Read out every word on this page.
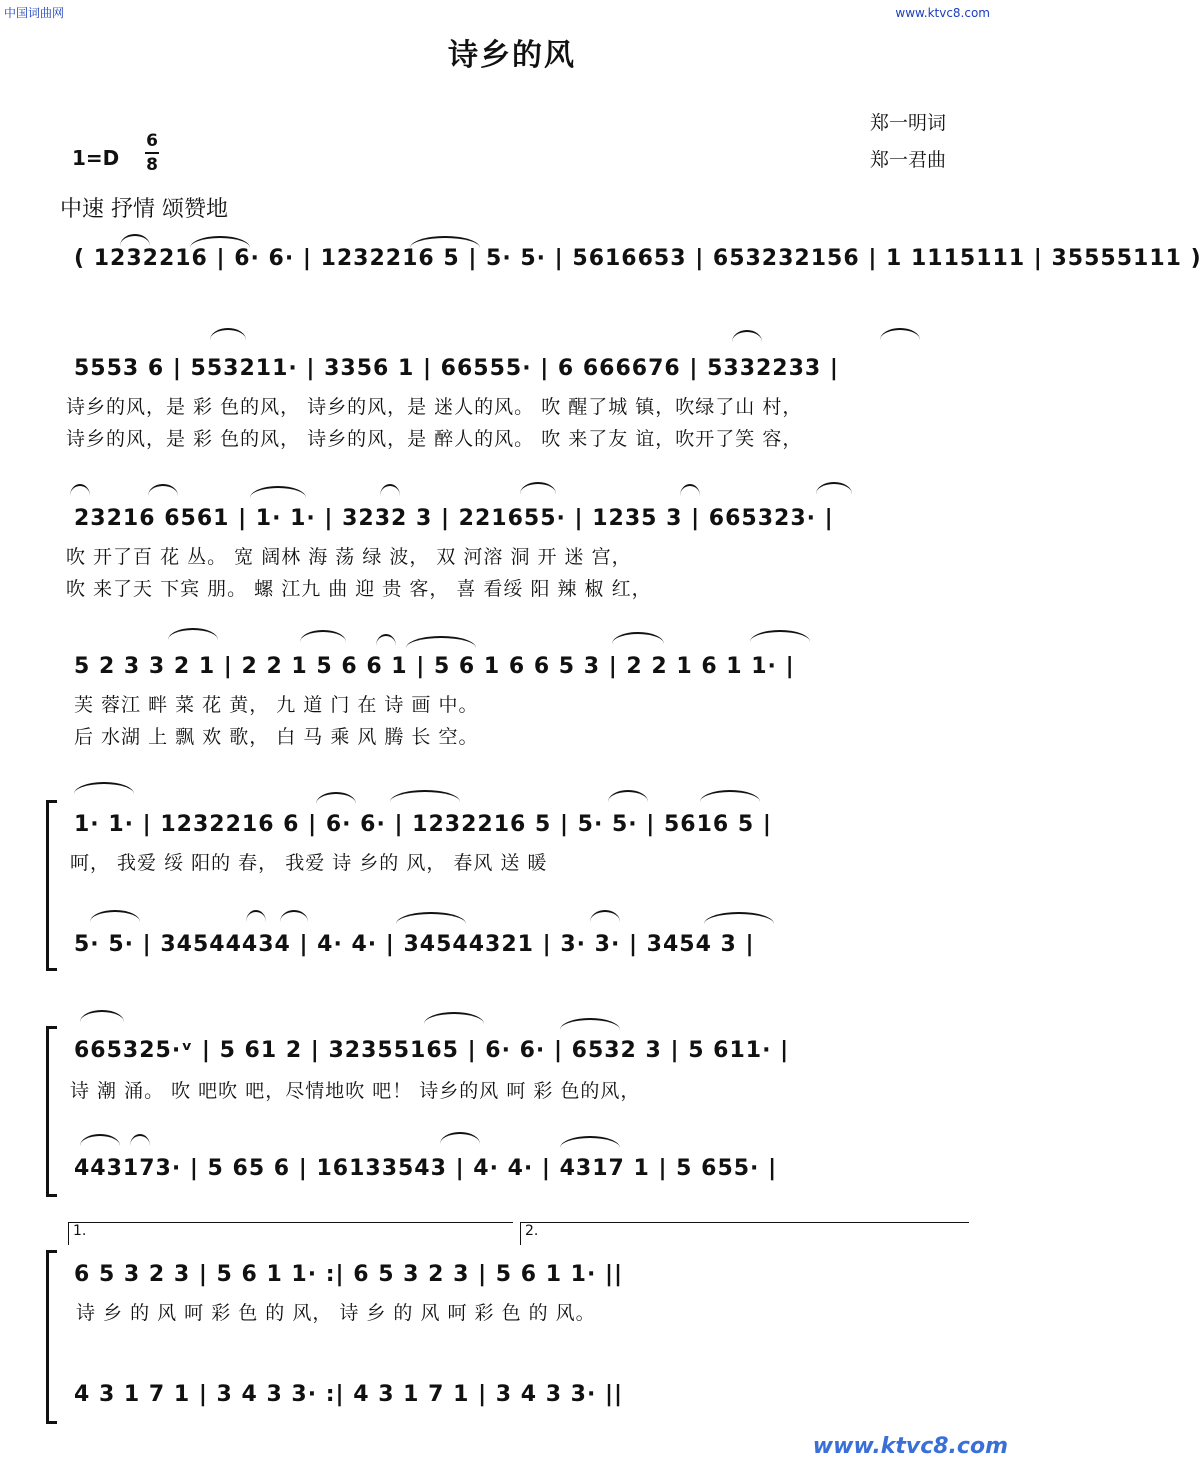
中国词曲网	www.ktvc8.com
诗乡的风
郑一明词
郑一君曲
1=D
6
8
中速 抒情 颂赞地
( 1232216 | 6· 6· | 1232216 5 | 5· 5· | 5616653 | 653232156 | 1 1115111 | 35555111 )
5553 6 | 553211· | 3356 1 | 66555· | 6 666676 | 5332233 |
诗乡的风，是 彩 色的风， 诗乡的风，是 迷人的风。 吹 醒了城 镇，吹绿了山 村，
诗乡的风，是 彩 色的风， 诗乡的风，是 醉人的风。 吹 来了友 谊，吹开了笑 容，
23216 6561 | 1· 1· | 3232 3 | 221655· | 1235 3 | 665323· |
吹 开了百 花 丛。 宽 阔林 海 荡 绿 波， 双 河溶 洞 开 迷 宫，
吹 来了天 下宾 朋。 螺 江九 曲 迎 贵 客， 喜 看绥 阳 辣 椒 红，
5 2 3 3 2 1 | 2 2 1 5 6 6 1 | 5 6 1 6 6 5 3 | 2 2 1 6 1 1· |
芙 蓉江 畔 菜 花 黄， 九 道 门 在 诗 画 中。
后 水湖 上 飘 欢 歌， 白 马 乘 风 腾 长 空。
1· 1· | 1232216 6 | 6· 6· | 1232216 5 | 5· 5· | 5616 5 |
呵， 我爱 绥 阳的 春， 我爱 诗 乡的 风， 春风 送 暖
5· 5· | 34544434 | 4· 4· | 34544321 | 3· 3· | 3454 3 |
665325·ᵛ | 5 61 2 | 32355165 | 6· 6· | 6532 3 | 5 611· |
诗 潮 涌。 吹 吧吹 吧，尽情地吹 吧！ 诗乡的风 呵 彩 色的风，
443173· | 5 65 6 | 16133543 | 4· 4· | 4317 1 | 5 655· |
1.	2.
6 5 3 2 3 | 5 6 1 1· :| 6 5 3 2 3 | 5 6 1 1· ||
诗 乡 的 风 呵 彩 色 的 风， 诗 乡 的 风 呵 彩 色 的 风。
4 3 1 7 1 | 3 4 3 3· :| 4 3 1 7 1 | 3 4 3 3· ||
www.ktvc8.com
